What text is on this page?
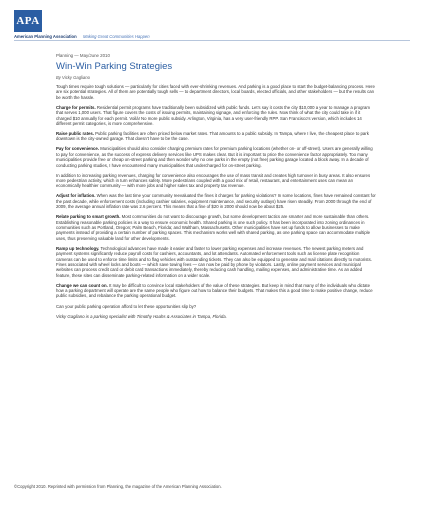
APA
American Planning Association Making Great Communities Happen
Planning — May/June 2010
Win-Win Parking Strategies
By Vicky Gagliano

Tough times require tough solutions — particularly for cities faced with ever-shrinking revenues. And parking is a good place to start the budget-balancing process. Here are six potential strategies. All of them are potentially tough sells — to department directors, local boards, elected officials, and other stakeholders — but the results can be worth the hassle.

Charge for permits. Residential permit programs have traditionally been subsidized with public funds. Let's say it costs the city $10,000 a year to manage a program that serves 1,000 users. That figure covers the costs of issuing permits, maintaining signage, and enforcing the rules. Now think of what the city could take in if it charged $10 annually for each permit. Voilà! No more public subsidy. Arlington, Virginia, has a very user-friendly RPP. San Francisco's version, which includes 14 different permit categories, is more comprehensive.

Raise public rates. Public parking facilities are often priced below market rates. That amounts to a public subsidy. In Tampa, where I live, the cheapest place to park downtown is the city-owned garage. That doesn't have to be the case.

Pay for convenience. Municipalities should also consider charging premium rates for premium parking locations (whether on- or off-street). Users are generally willing to pay for convenience, as the success of express delivery services like UPS makes clear. But it is important to price the convenience factor appropriately. Too many municipalities provide free or cheap on-street parking and then wonder why no one parks in the empty (not free) parking garage located a block away. In a decade of conducting parking studies, I have encountered many municipalities that undercharged for on-street parking.

In addition to increasing parking revenues, charging for convenience also encourages the use of mass transit and creates high turnover in busy areas. It also ensures more pedestrian activity, which in turn enhances safety. More pedestrians coupled with a good mix of retail, restaurant, and entertainment uses can mean an economically healthier community — with more jobs and higher sales tax and property tax revenue.

Adjust for inflation. When was the last time your community reevaluated the fines it charges for parking violations? In some locations, fines have remained constant for the past decade, while enforcement costs (including cashier salaries, equipment maintenance, and security outlays) have risen steadily. From 2000 through the end of 2009, the average annual inflation rate was 2.6 percent. This means that a fine of $20 in 2000 should now be about $25.

Relate parking to smart growth. Most communities do not want to discourage growth, but some development tactics are smarter and more sustainable than others. Establishing reasonable parking policies is a way to ensure economic health. Shared parking is one such policy. It has been incorporated into zoning ordinances in communities such as Portland, Oregon; Palm Beach, Florida; and Waltham, Massachusetts. Other municipalities have set up funds to allow businesses to make payments instead of providing a certain number of parking spaces. This mechanism works well with shared parking, as one parking space can accommodate multiple uses, thus preserving valuable land for other developments.

Ramp up technology. Technological advances have made it easier and faster to lower parking expenses and increase revenues. The newest parking meters and payment systems significantly reduce payroll costs for cashiers, accountants, and lot attendants. Automated enforcement tools such as license plate recognition cameras can be used to enforce time limits and to flag vehicles with outstanding tickets. They can also be equipped to generate and mail citations directly to motorists. Fines associated with wheel locks and boots — which save towing fees — can now be paid by phone by violators. Lastly, online payment services and municipal websites can process credit card or debit card transactions immediately, thereby reducing cash handling, mailing expenses, and administrative time. As an added feature, these sites can disseminate parking-related information on a wider scale.

Change we can count on. It may be difficult to convince local stakeholders of the value of these strategies. But keep in mind that many of the individuals who dictate how a parking department will operate are the same people who figure out how to balance their budgets. That makes this a good time to make positive change, reduce public subsidies, and rebalance the parking operational budget.

Can your public parking operation afford to let these opportunities slip by?

Vicky Gagliano is a parking specialist with Timothy Haahs & Associates in Tampa, Florida.

©Copyright 2010. Reprinted with permission from Planning, the magazine of the American Planning Association.
